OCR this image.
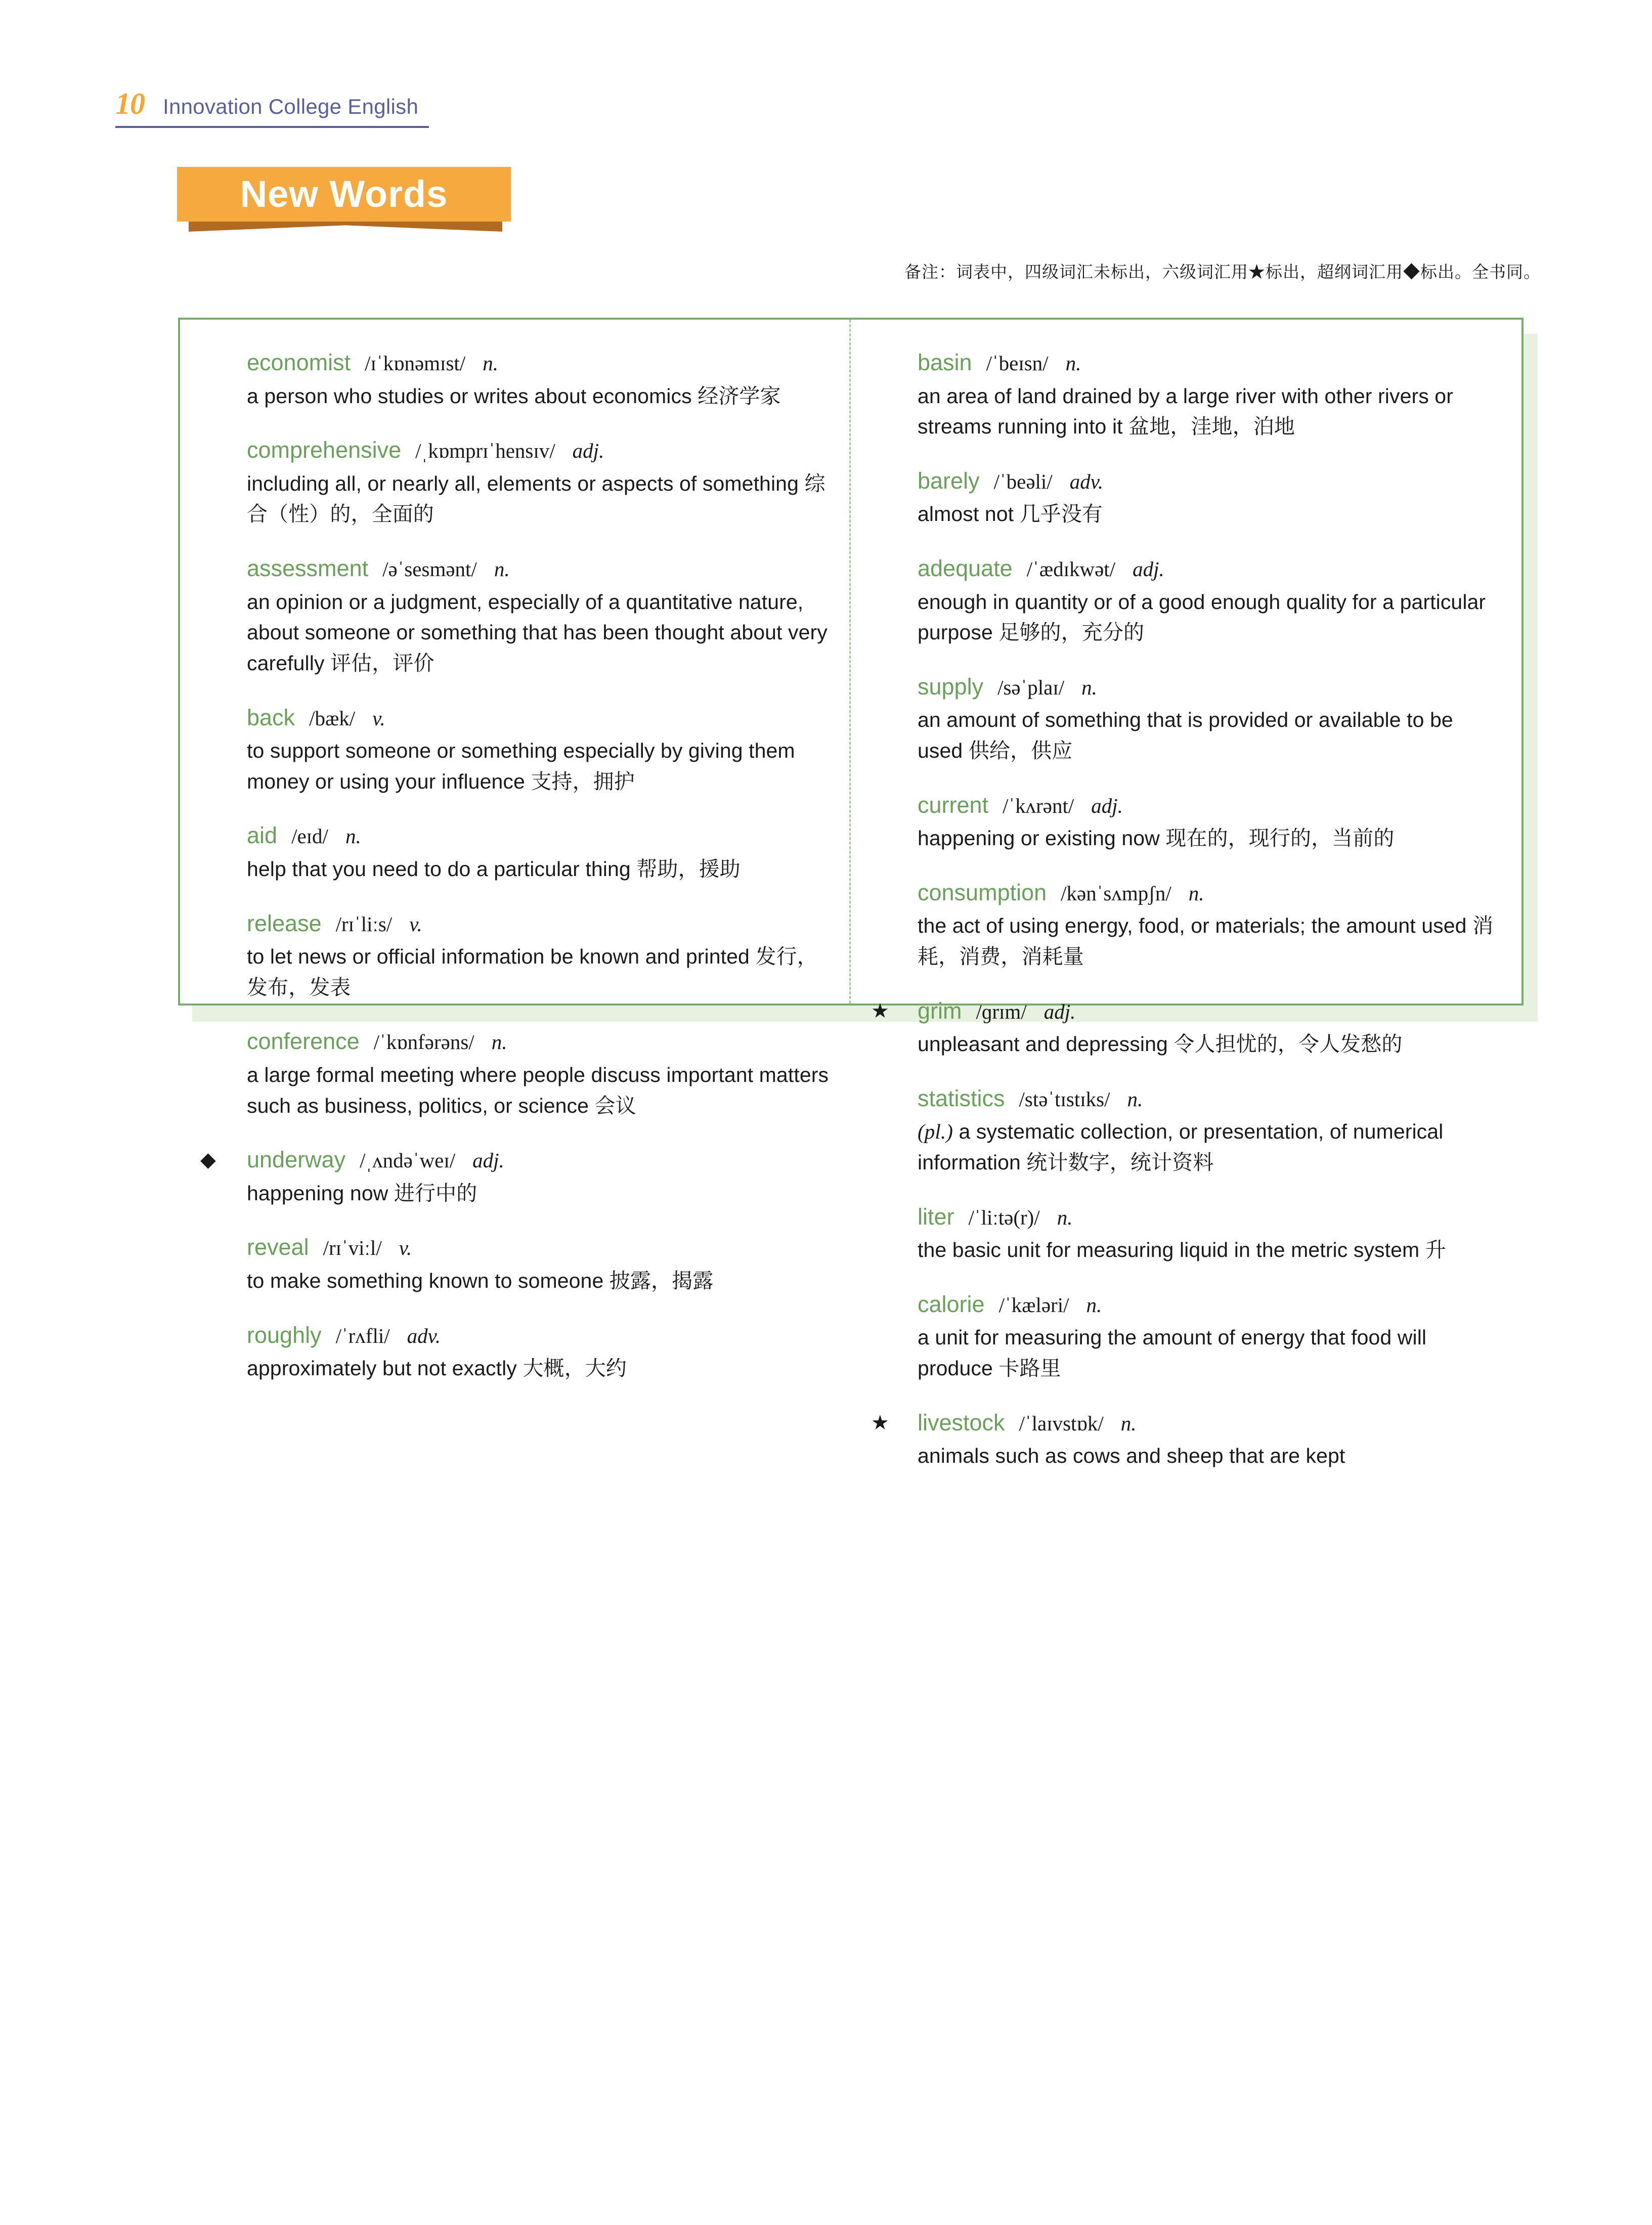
10 Innovation College English
New Words
备注：词表中，四级词汇未标出，六级词汇用★标出，超纲词汇用◆标出。全书同。
economist /ɪˈkɒnəmɪst/ n.
a person who studies or writes about economics 经济学家
comprehensive /ˌkɒmprɪˈhensɪv/ adj.
including all, or nearly all, elements or aspects of something 综合（性）的，全面的
assessment /əˈsesmənt/ n.
an opinion or a judgment, especially of a quantitative nature, about someone or something that has been thought about very carefully 评估，评价
back /bæk/ v.
to support someone or something especially by giving them money or using your influence 支持，拥护
aid /eɪd/ n.
help that you need to do a particular thing 帮助，援助
release /rɪˈliːs/ v.
to let news or official information be known and printed 发行，发布，发表
conference /ˈkɒnfərəns/ n.
a large formal meeting where people discuss important matters such as business, politics, or science 会议
◆	underway /ˌʌndəˈweɪ/ adj.
happening now 进行中的
reveal /rɪˈviːl/ v.
to make something known to someone 披露，揭露
roughly /ˈrʌfli/ adv.
approximately but not exactly 大概，大约
basin /ˈbeɪsn/ n.
an area of land drained by a large river with other rivers or streams running into it 盆地，洼地，泊地
barely /ˈbeəli/ adv.
almost not 几乎没有
adequate /ˈædɪkwət/ adj.
enough in quantity or of a good enough quality for a particular purpose 足够的，充分的
supply /səˈplaɪ/ n.
an amount of something that is provided or available to be used 供给，供应
current /ˈkʌrənt/ adj.
happening or existing now 现在的，现行的，当前的
consumption /kənˈsʌmpʃn/ n.
the act of using energy, food, or materials; the amount used 消耗，消费，消耗量
★	grim /ɡrɪm/ adj.
unpleasant and depressing 令人担忧的，令人发愁的
statistics /stəˈtɪstɪks/ n.
(pl.) a systematic collection, or presentation, of numerical information 统计数字，统计资料
liter /ˈliːtə(r)/ n.
the basic unit for measuring liquid in the metric system 升
calorie /ˈkæləri/ n.
a unit for measuring the amount of energy that food will produce 卡路里
★	livestock /ˈlaɪvstɒk/ n.
animals such as cows and sheep that are kept
